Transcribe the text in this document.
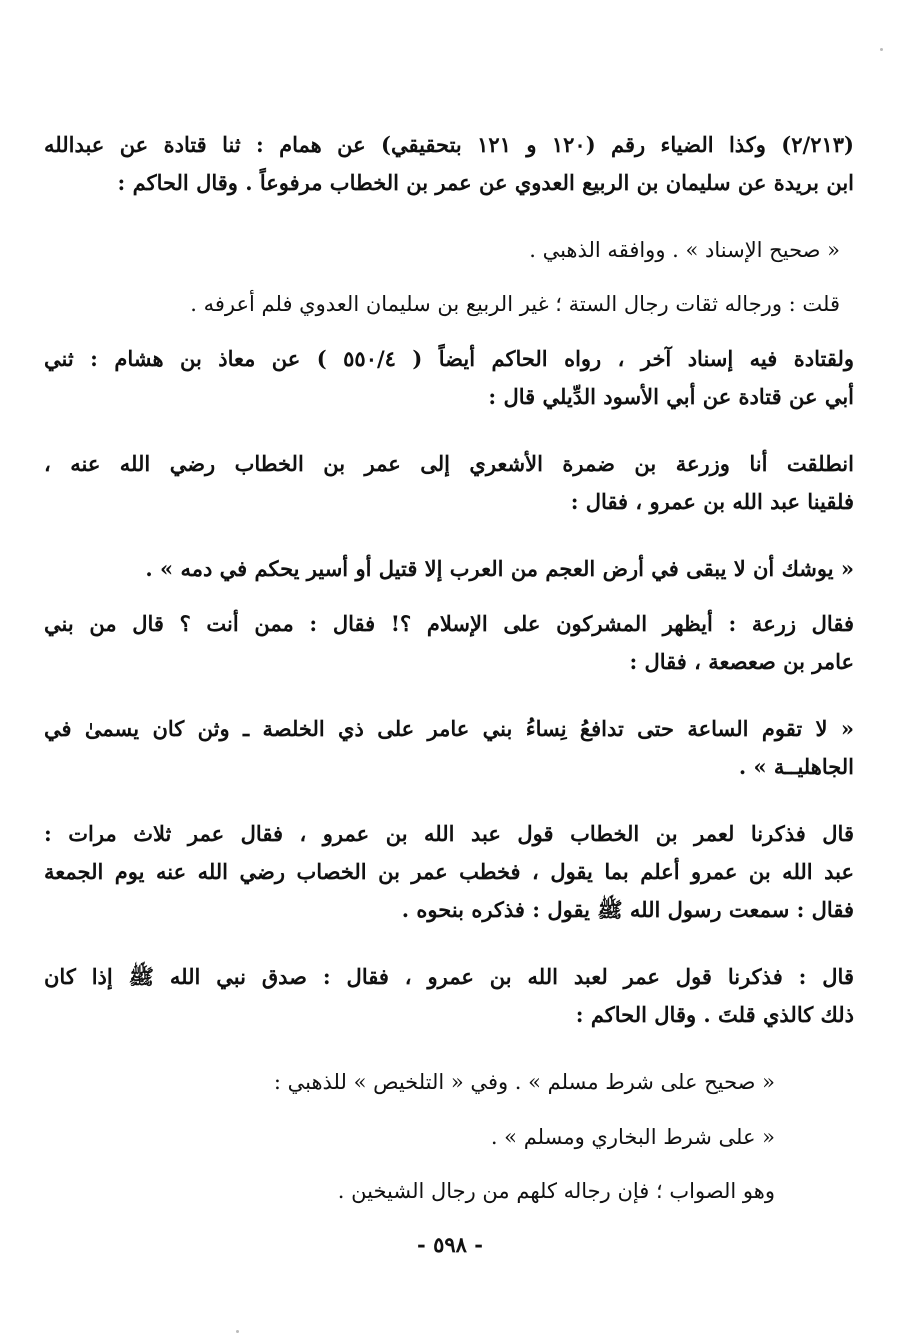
(٢/٢١٣) وكذا الضياء رقم (١٢٠ و ١٢١ بتحقيقي) عن همام : ثنا قتادة عن عبدالله
ابن بريدة عن سليمان بن الربيع العدوي عن عمر بن الخطاب مرفوعاً . وقال الحاكم :
« صحيح الإسناد » . ووافقه الذهبي .
قلت : ورجاله ثقات رجال الستة ؛ غير الربيع بن سليمان العدوي فلم أعرفه .
ولقتادة فيه إسناد آخر ، رواه الحاكم أيضاً ( ٥٥٠/٤ ) عن معاذ بن هشام : ثني
أبي عن قتادة عن أبي الأسود الدِّيلي قال :
انطلقت أنا وزرعة بن ضمرة الأشعري إلى عمر بن الخطاب رضي الله عنه ،
فلقينا عبد الله بن عمرو ، فقال :
« يوشك أن لا يبقى في أرض العجم من العرب إلا قتيل أو أسير يحكم في دمه » .
فقال زرعة : أيظهر المشركون على الإسلام ؟! فقال : ممن أنت ؟ قال من بني
عامر بن صعصعة ، فقال :
« لا تقوم الساعة حتى تدافعُ نِساءُ بني عامر على ذي الخلصة ـ وثن كان يسمىٰ في
الجاهليــة » .
قال فذكرنا لعمر بن الخطاب قول عبد الله بن عمرو ، فقال عمر ثلاث مرات :
عبد الله بن عمرو أعلم بما يقول ، فخطب عمر بن الخصاب رضي الله عنه يوم الجمعة
فقال : سمعت رسول الله ﷺ يقول : فذكره بنحوه .
قال : فذكرنا قول عمر لعبد الله بن عمرو ، فقال : صدق نبي الله ﷺ إذا كان
ذلك كالذي قلتَ . وقال الحاكم :
« صحيح على شرط مسلم » . وفي « التلخيص » للذهبي :
« على شرط البخاري ومسلم » .
وهو الصواب ؛ فإن رجاله كلهم من رجال الشيخين .
- ٥٩٨ -
